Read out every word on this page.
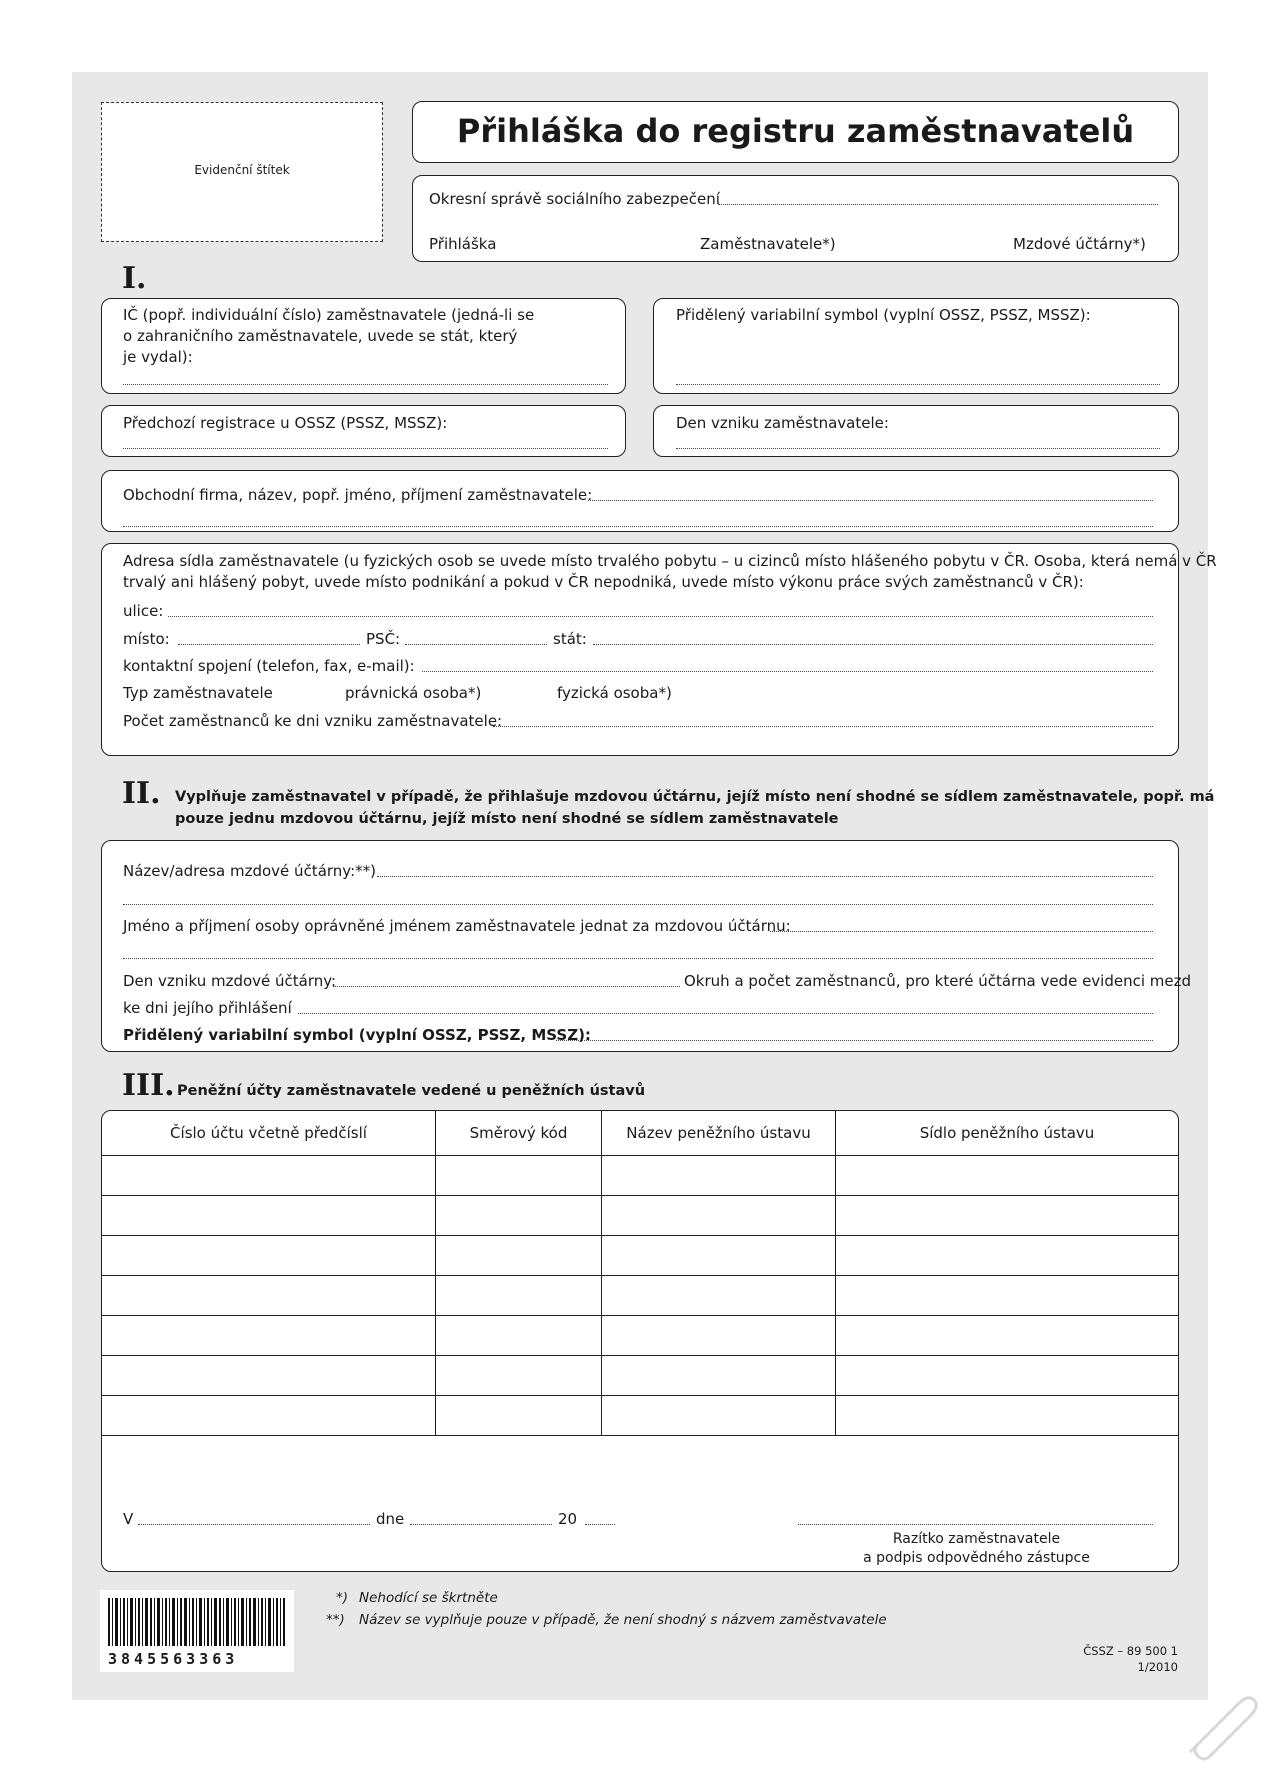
Evidenční štítek
Přihláška do registru zaměstnavatelů
Okresní správě sociálního zabezpečení
Přihláška	Zaměstnavatele*)	Mzdové účtárny*)
I.
IČ (popř. individuální číslo) zaměstnavatele (jedná-li se
o zahraničního zaměstnavatele, uvede se stát, který
je vydal):
Přidělený variabilní symbol (vyplní OSSZ, PSSZ, MSSZ):
Předchozí registrace u OSSZ (PSSZ, MSSZ):	Den vzniku zaměstnavatele:
Obchodní firma, název, popř. jméno, příjmení zaměstnavatele:
Adresa sídla zaměstnavatele (u fyzických osob se uvede místo trvalého pobytu – u cizinců místo hlášeného pobytu v ČR. Osoba, která nemá v ČR
trvalý ani hlášený pobyt, uvede místo podnikání a pokud v ČR nepodniká, uvede místo výkonu práce svých zaměstnanců v ČR):
ulice:
místo:	PSČ:	stát:
kontaktní spojení (telefon, fax, e-mail):
Typ zaměstnavatele	právnická osoba*)	fyzická osoba*)
Počet zaměstnanců ke dni vzniku zaměstnavatele:
II. Vyplňuje zaměstnavatel v případě, že přihlašuje mzdovou účtárnu, jejíž místo není shodné se sídlem zaměstnavatele, popř. má
pouze jednu mzdovou účtárnu, jejíž místo není shodné se sídlem zaměstnavatele
Název/adresa mzdové účtárny:**)
Jméno a příjmení osoby oprávněné jménem zaměstnavatele jednat za mzdovou účtárnu:
Den vzniku mzdové účtárny:	Okruh a počet zaměstnanců, pro které účtárna vede evidenci mezd
ke dni jejího přihlášení
Přidělený variabilní symbol (vyplní OSSZ, PSSZ, MSSZ):
III. Peněžní účty zaměstnavatele vedené u peněžních ústavů
Číslo účtu včetně předčíslí	Směrový kód	Název peněžního ústavu	Sídlo peněžního ústavu
V	dne	20
Razítko zaměstnavatele
a podpis odpovědného zástupce
*) Nehodící se škrtněte
**) Název se vyplňuje pouze v případě, že není shodný s názvem zaměstvavatele
3845563363	ČSSZ – 89 500 1
1/2010
